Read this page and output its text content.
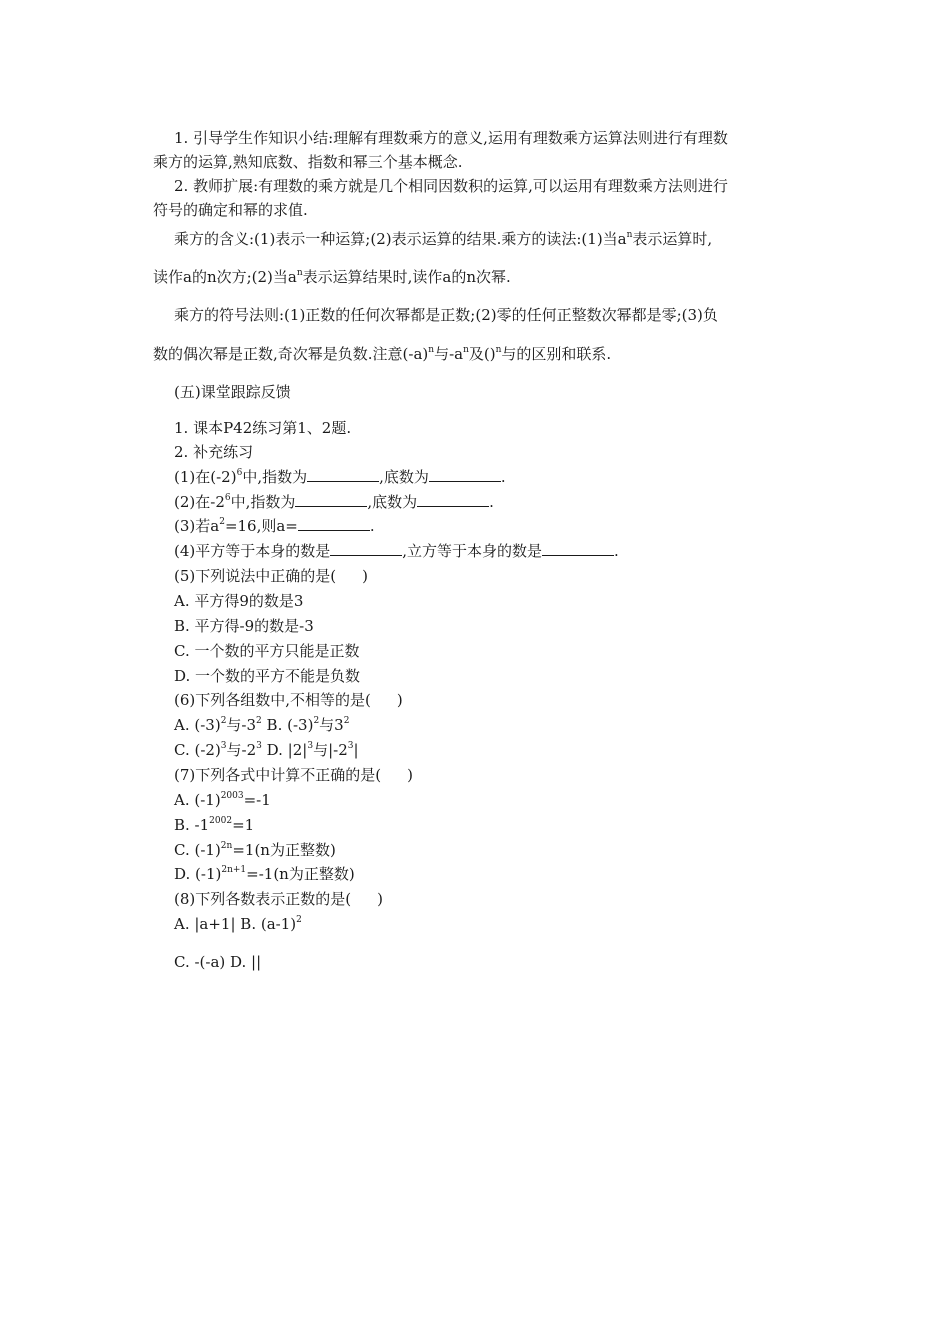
1. 引导学生作知识小结:理解有理数乘方的意义,运用有理数乘方运算法则进行有理数
乘方的运算,熟知底数、指数和幂三个基本概念.
2. 教师扩展:有理数的乘方就是几个相同因数积的运算,可以运用有理数乘方法则进行
符号的确定和幂的求值.
乘方的含义:(1)表示一种运算;(2)表示运算的结果.乘方的读法:(1)当$a^n$表示运算时,
读作a的n次方;(2)当$a^n$表示运算结果时,读作a的n次幂.
乘方的符号法则:(1)正数的任何次幂都是正数;(2)零的任何正整数次幂都是零;(3)负
数的偶次幂是正数,奇次幂是负数.注意$(-a)^n$与$-a^n$及()$^n$与的区别和联系.
(五)课堂跟踪反馈
1. 课本P42练习第1、2题.
2. 补充练习
(1)在$(-2)^6$中,指数为	,底数为	.
(2)在$-2^6$中,指数为	,底数为	.
(3)若$a^2=16$,则a=	.
(4)平方等于本身的数是	,立方等于本身的数是	.
(5)下列说法中正确的是( )
A. 平方得9的数是3
B. 平方得-9的数是-3
C. 一个数的平方只能是正数
D. 一个数的平方不能是负数
(6)下列各组数中,不相等的是( )
A. $(-3)^2$与$-3^2$ B. $(-3)^2$与$3^2$
C. $(-2)^3$与$-2^3$ D. $|2|^3$与$|-2^3|$
(7)下列各式中计算不正确的是( )
A. $(-1)^{2003}=-1$
B. $-1^{2002}=1$
C. $(-1)^{2n}=1(n$为正整数)
D. $(-1)^{2n+1}=-1(n$为正整数)
(8)下列各数表示正数的是( )
A. |a+1| B. $(a-1)^2$
C. -(-a) D. ||
